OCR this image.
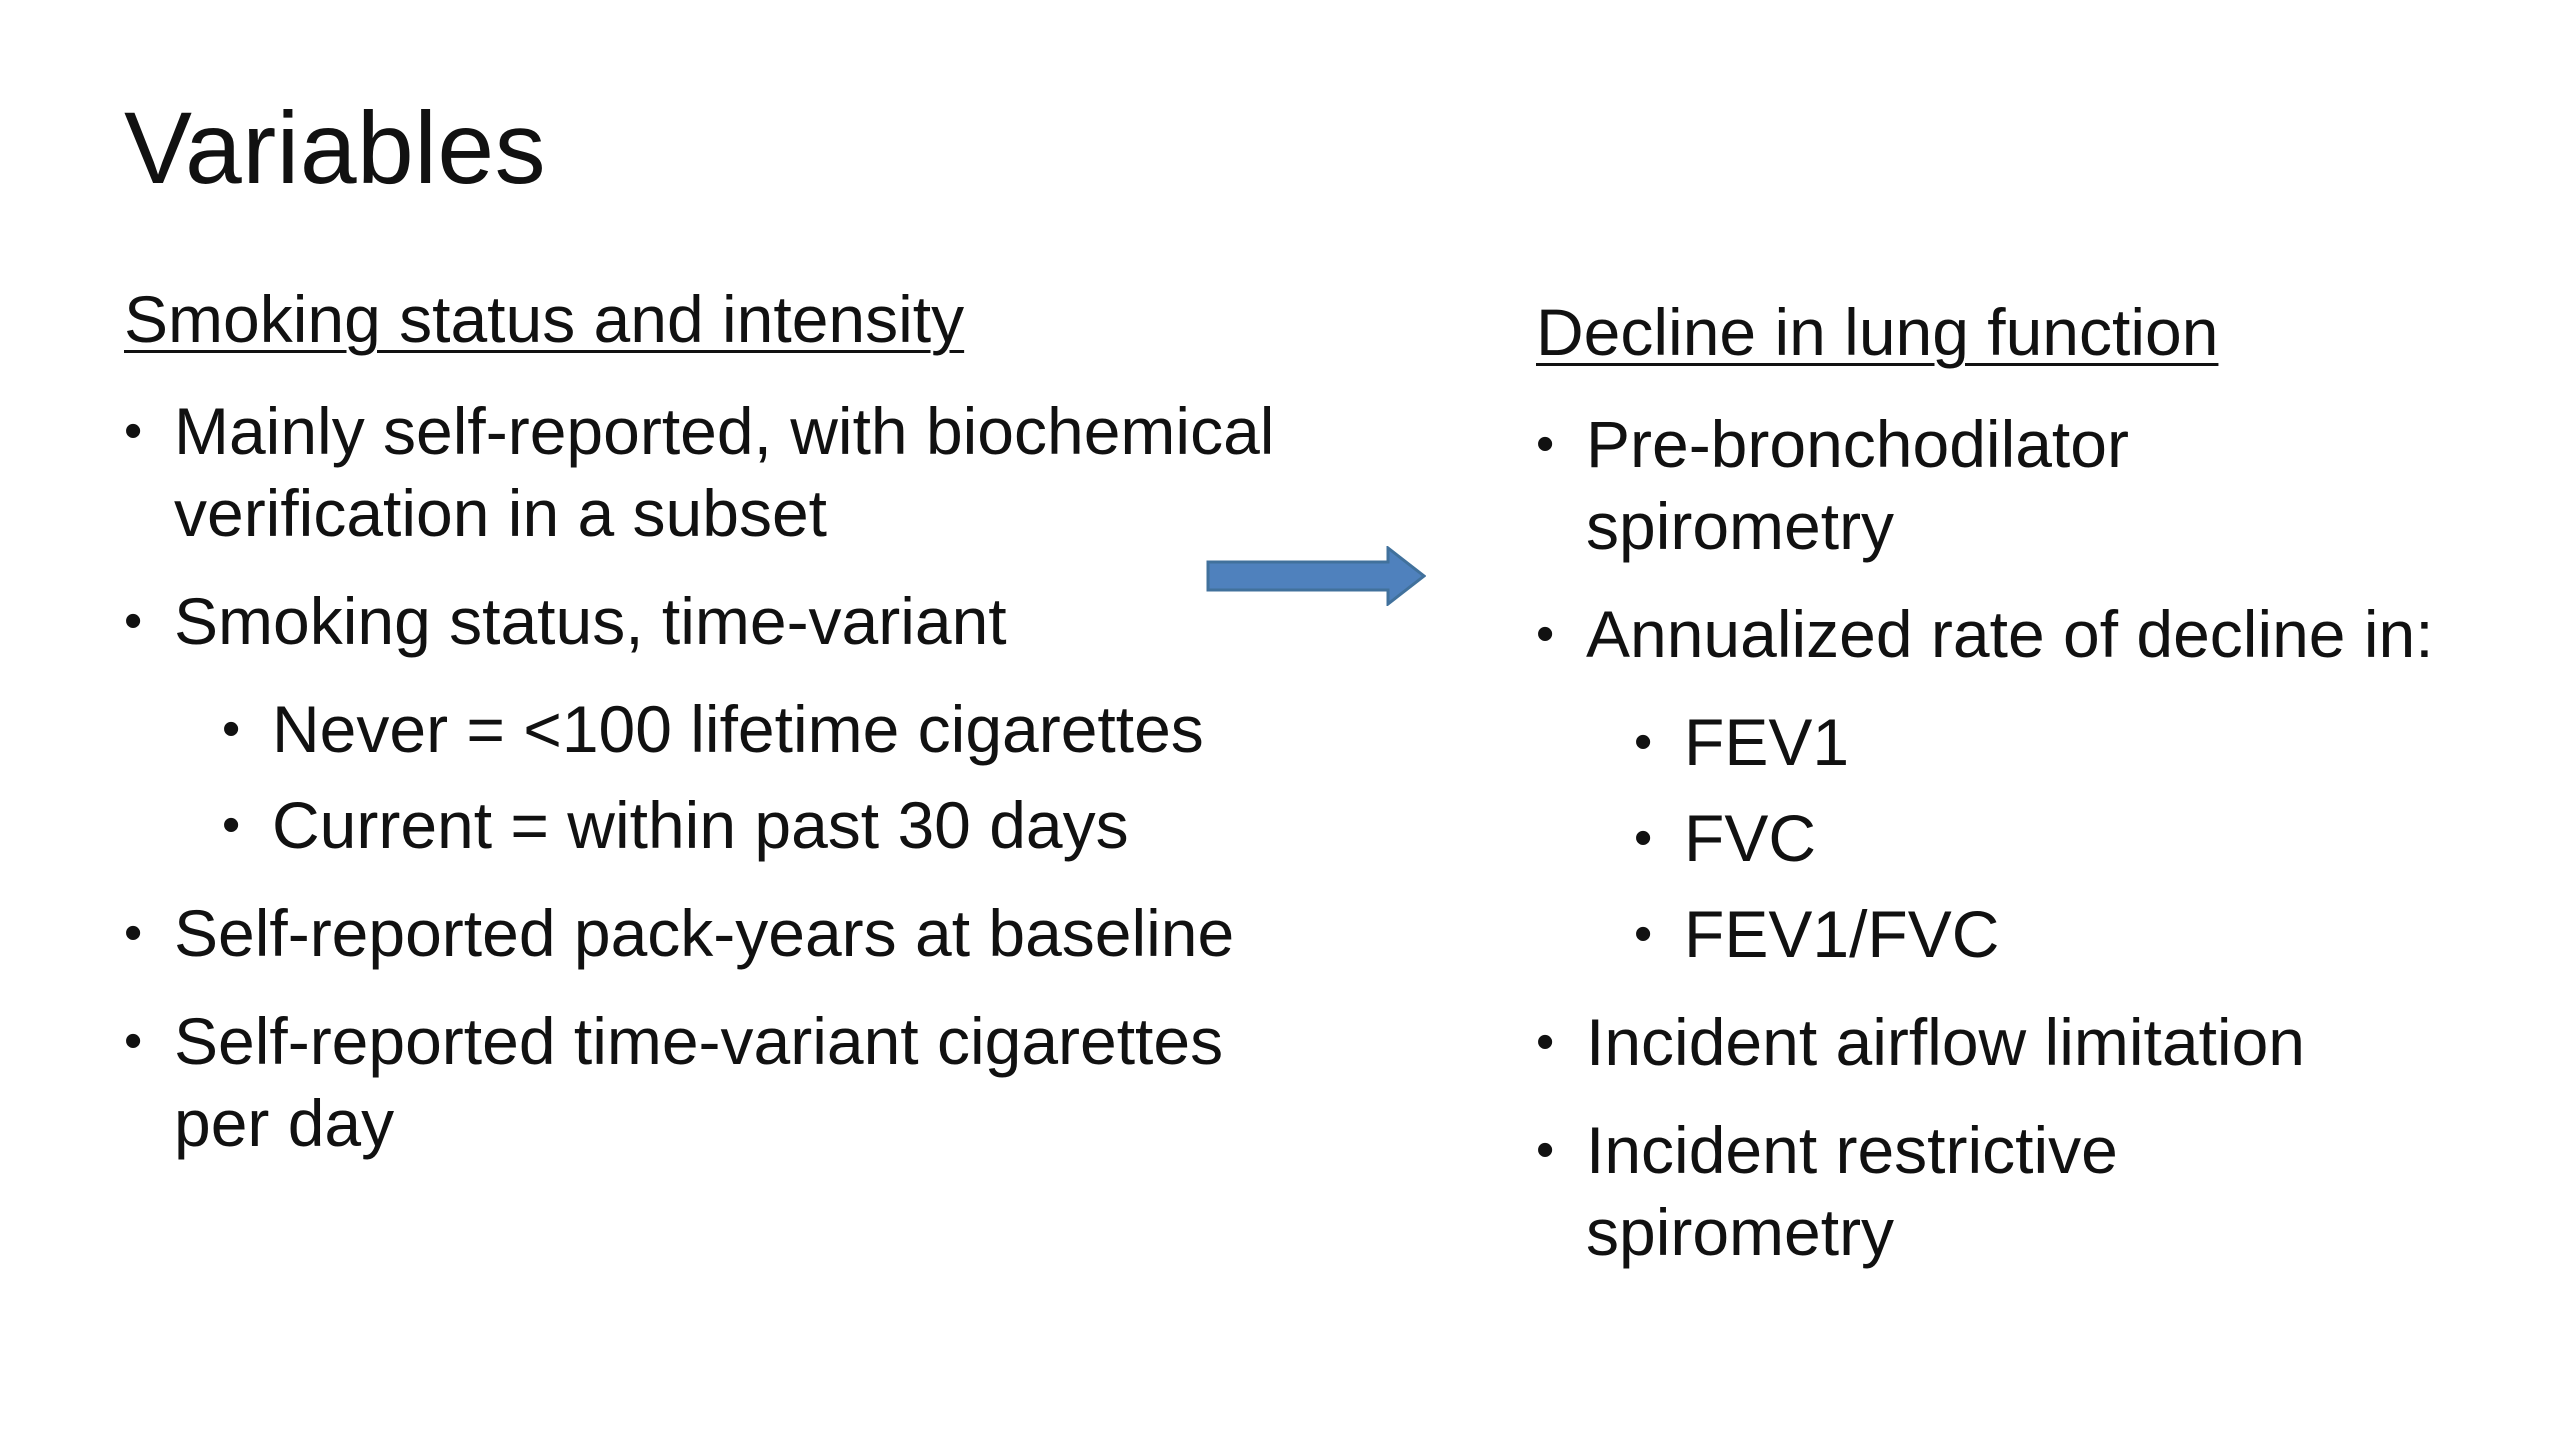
Variables
Smoking status and intensity
• Mainly self-reported, with biochemical verification in a subset
• Smoking status, time-variant
• Never = <100 lifetime cigarettes
• Current = within past 30 days
• Self-reported pack-years at baseline
• Self-reported time-variant cigarettes per day
Decline in lung function
• Pre-bronchodilator spirometry
• Annualized rate of decline in:
• FEV1
• FVC
• FEV1/FVC
• Incident airflow limitation
• Incident restrictive spirometry
